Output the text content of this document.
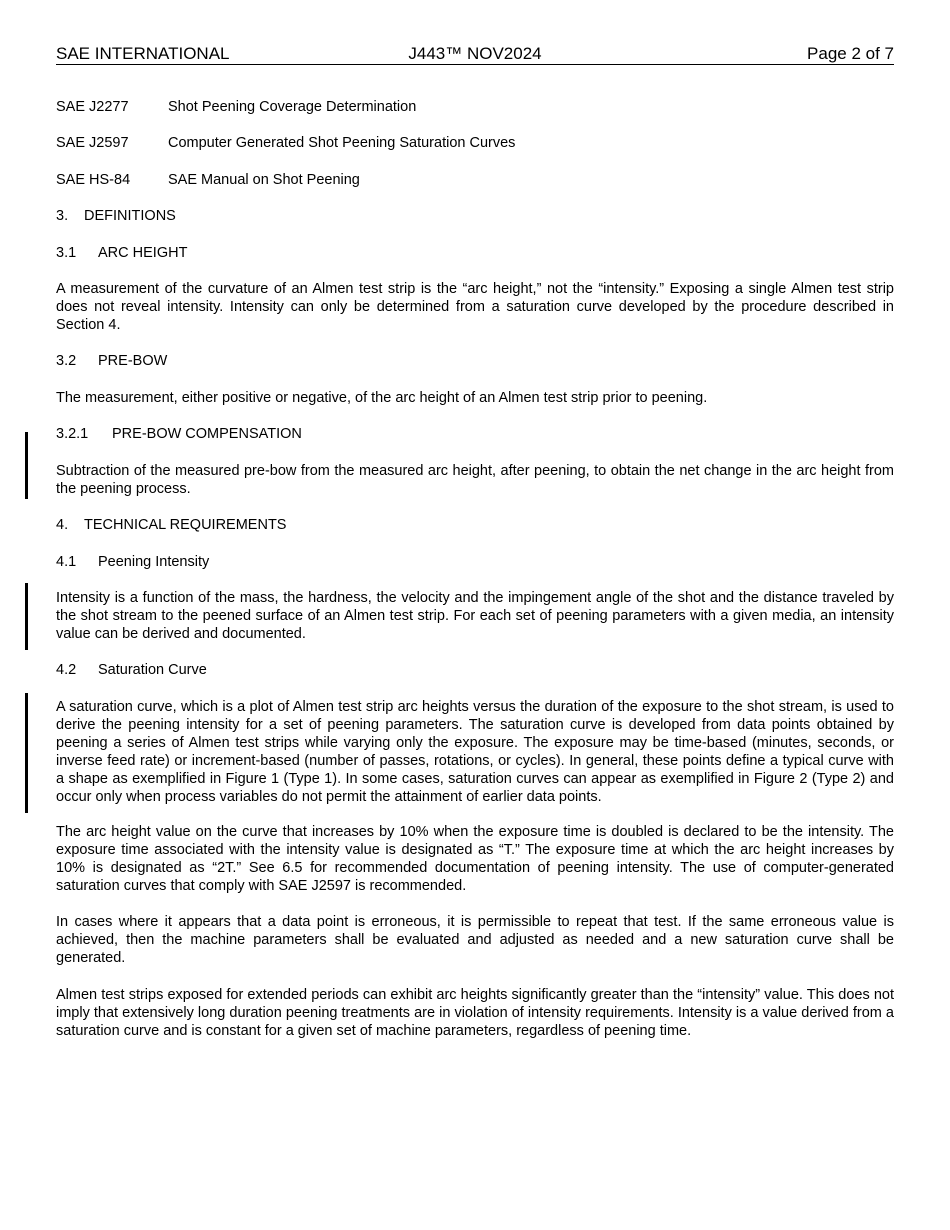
SAE INTERNATIONAL	J443™ NOV2024	Page 2 of 7
SAE J2277	Shot Peening Coverage Determination
SAE J2597	Computer Generated Shot Peening Saturation Curves
SAE HS-84	SAE Manual on Shot Peening
3. DEFINITIONS
3.1 ARC HEIGHT
A measurement of the curvature of an Almen test strip is the “arc height,” not the “intensity.” Exposing a single Almen test strip does not reveal intensity. Intensity can only be determined from a saturation curve developed by the procedure described in Section 4.
3.2 PRE-BOW
The measurement, either positive or negative, of the arc height of an Almen test strip prior to peening.
3.2.1 PRE-BOW COMPENSATION
Subtraction of the measured pre-bow from the measured arc height, after peening, to obtain the net change in the arc height from the peening process.
4. TECHNICAL REQUIREMENTS
4.1 Peening Intensity
Intensity is a function of the mass, the hardness, the velocity and the impingement angle of the shot and the distance traveled by the shot stream to the peened surface of an Almen test strip. For each set of peening parameters with a given media, an intensity value can be derived and documented.
4.2 Saturation Curve
A saturation curve, which is a plot of Almen test strip arc heights versus the duration of the exposure to the shot stream, is used to derive the peening intensity for a set of peening parameters. The saturation curve is developed from data points obtained by peening a series of Almen test strips while varying only the exposure. The exposure may be time-based (minutes, seconds, or inverse feed rate) or increment-based (number of passes, rotations, or cycles). In general, these points define a typical curve with a shape as exemplified in Figure 1 (Type 1). In some cases, saturation curves can appear as exemplified in Figure 2 (Type 2) and occur only when process variables do not permit the attainment of earlier data points.
The arc height value on the curve that increases by 10% when the exposure time is doubled is declared to be the intensity. The exposure time associated with the intensity value is designated as “T.” The exposure time at which the arc height increases by 10% is designated as “2T.” See 6.5 for recommended documentation of peening intensity. The use of computer-generated saturation curves that comply with SAE J2597 is recommended.
In cases where it appears that a data point is erroneous, it is permissible to repeat that test. If the same erroneous value is achieved, then the machine parameters shall be evaluated and adjusted as needed and a new saturation curve shall be generated.
Almen test strips exposed for extended periods can exhibit arc heights significantly greater than the “intensity” value. This does not imply that extensively long duration peening treatments are in violation of intensity requirements. Intensity is a value derived from a saturation curve and is constant for a given set of machine parameters, regardless of peening time.
